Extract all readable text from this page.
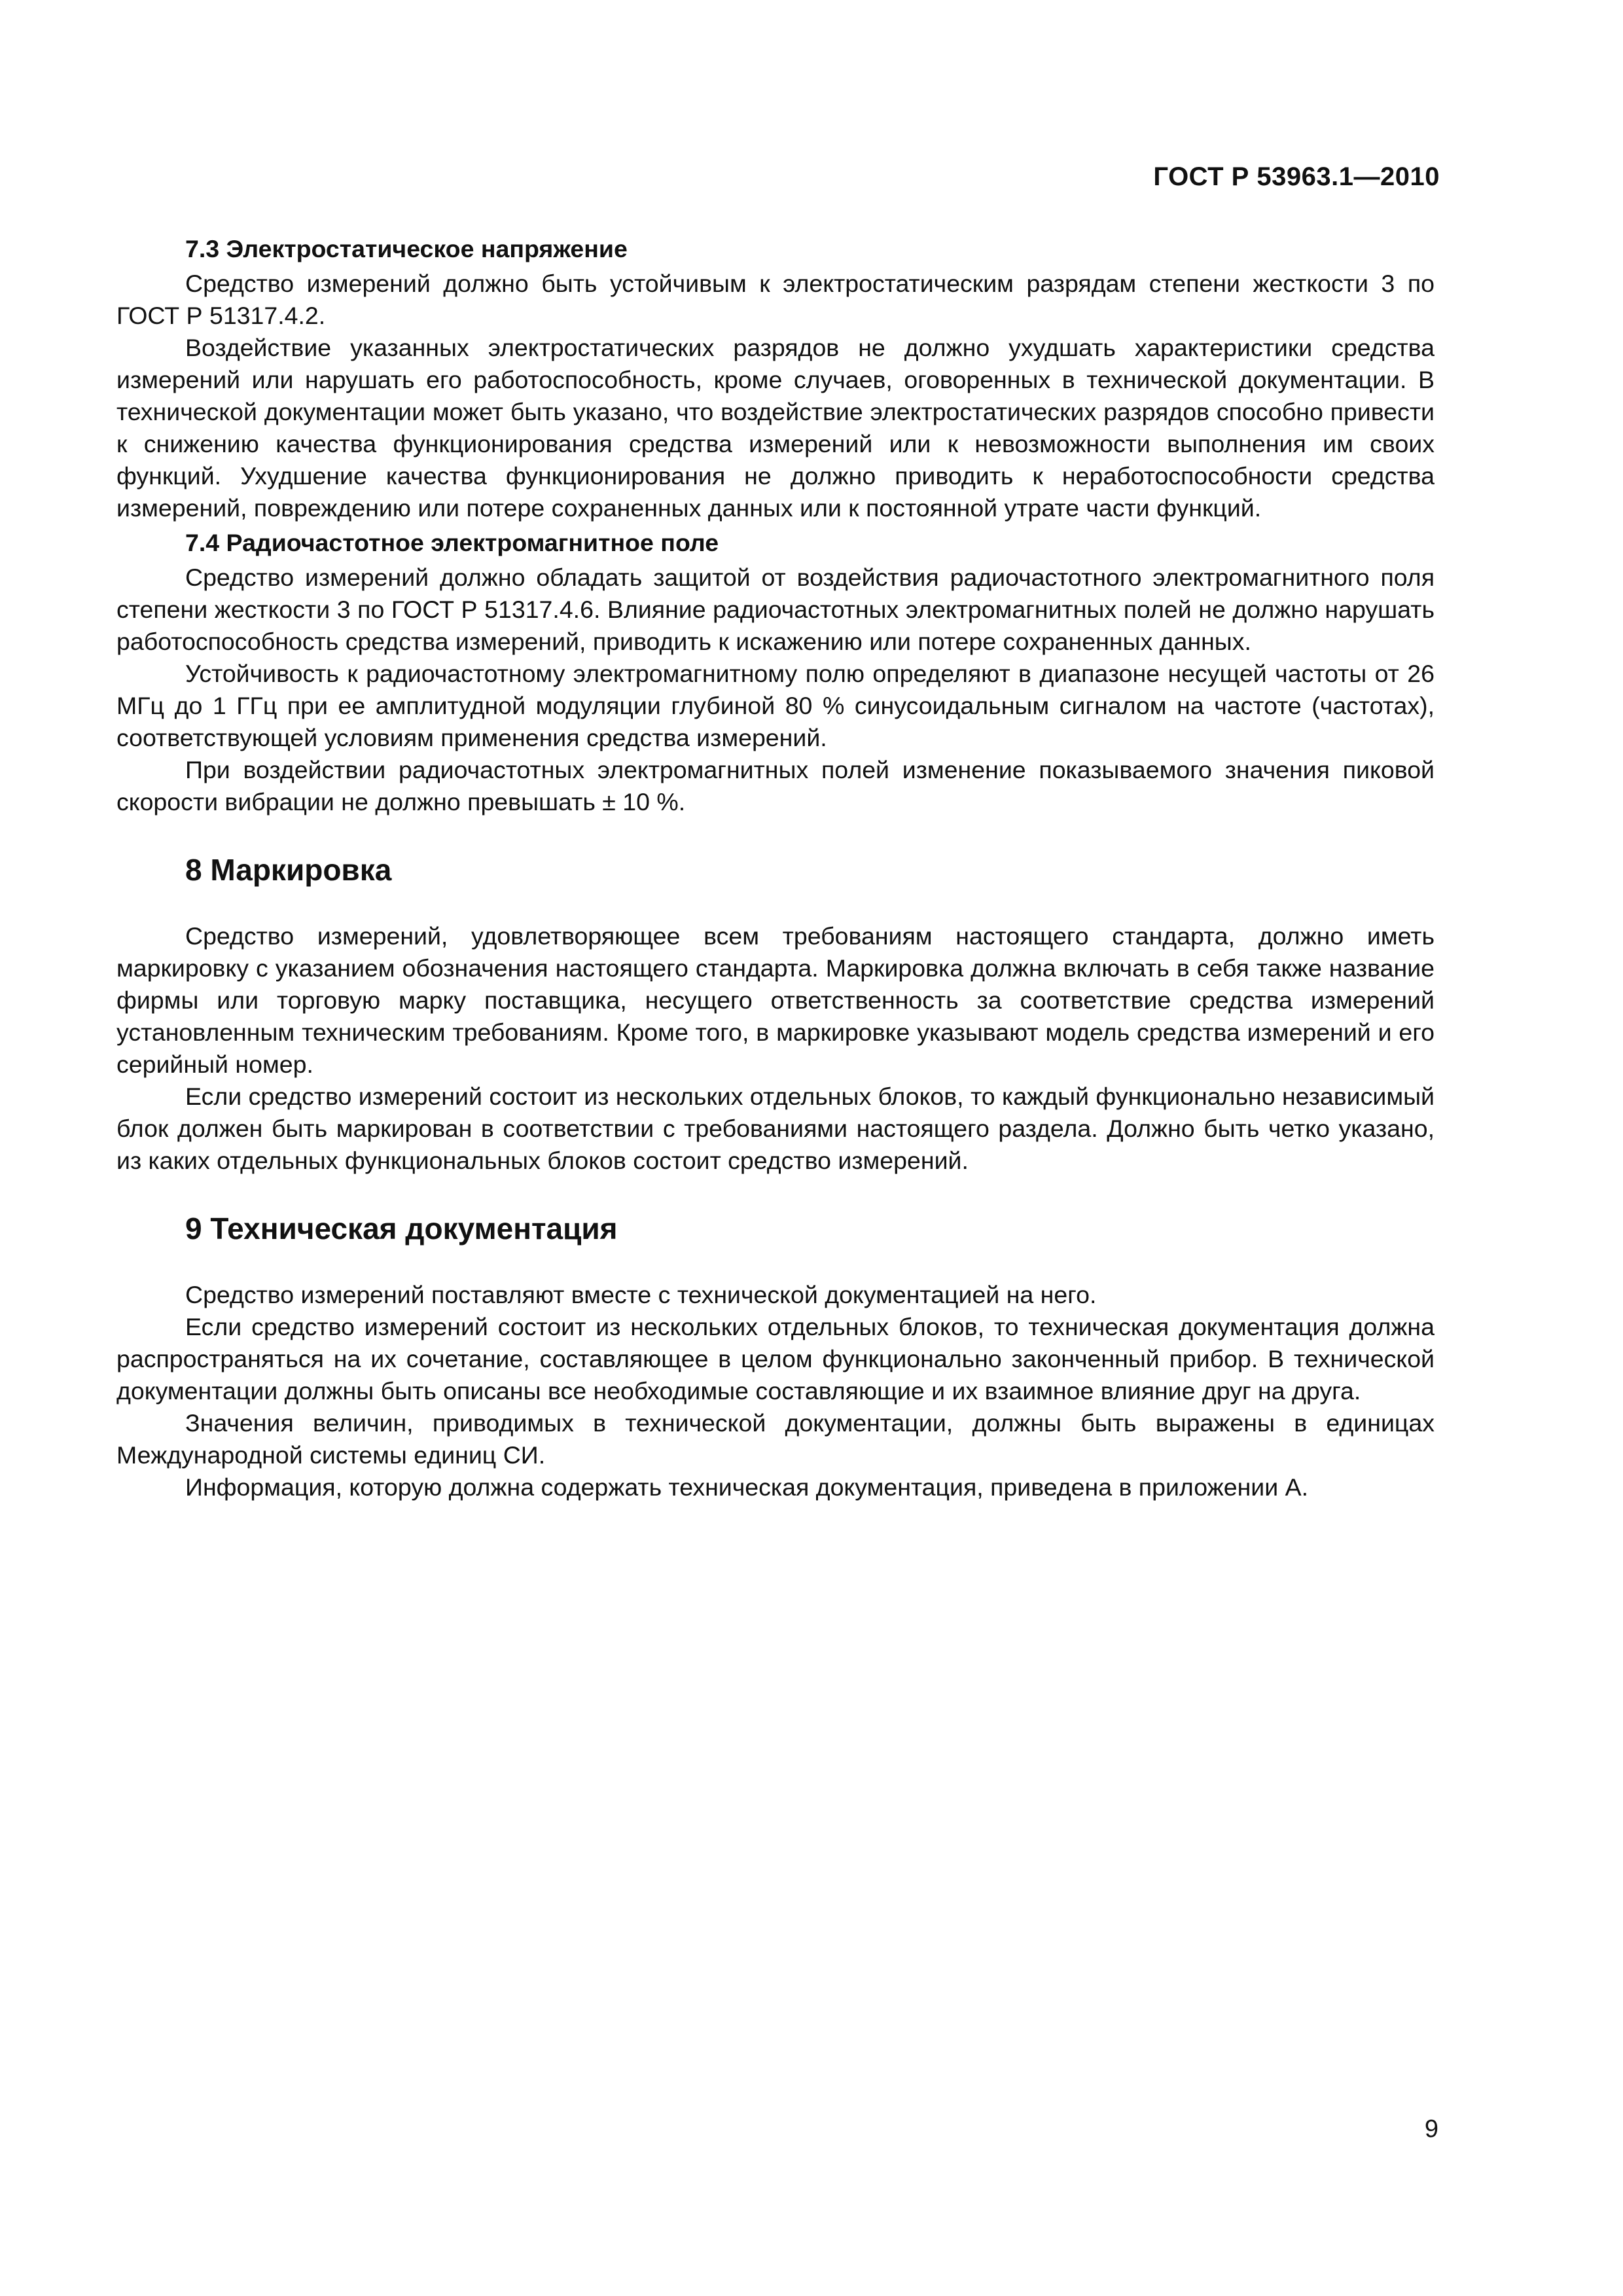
ГОСТ Р 53963.1—2010

7.3 Электростатическое напряжение

Средство измерений должно быть устойчивым к электростатическим разрядам степени жесткости 3 по ГОСТ Р 51317.4.2.

Воздействие указанных электростатических разрядов не должно ухудшать характеристики средства измерений или нарушать его работоспособность, кроме случаев, оговоренных в технической документации. В технической документации может быть указано, что воздействие электростатических разрядов способно привести к снижению качества функционирования средства измерений или к невозможности выполнения им своих функций. Ухудшение качества функционирования не должно приводить к неработоспособности средства измерений, повреждению или потере сохраненных данных или к постоянной утрате части функций.

7.4 Радиочастотное электромагнитное поле

Средство измерений должно обладать защитой от воздействия радиочастотного электромагнитного поля степени жесткости 3 по ГОСТ Р 51317.4.6. Влияние радиочастотных электромагнитных полей не должно нарушать работоспособность средства измерений, приводить к искажению или потере сохраненных данных.

Устойчивость к радиочастотному электромагнитному полю определяют в диапазоне несущей частоты от 26 МГц до 1 ГГц при ее амплитудной модуляции глубиной 80 % синусоидальным сигналом на частоте (частотах), соответствующей условиям применения средства измерений.

При воздействии радиочастотных электромагнитных полей изменение показываемого значения пиковой скорости вибрации не должно превышать ± 10 %.

8 Маркировка

Средство измерений, удовлетворяющее всем требованиям настоящего стандарта, должно иметь маркировку с указанием обозначения настоящего стандарта. Маркировка должна включать в себя также название фирмы или торговую марку поставщика, несущего ответственность за соответствие средства измерений установленным техническим требованиям. Кроме того, в маркировке указывают модель средства измерений и его серийный номер.

Если средство измерений состоит из нескольких отдельных блоков, то каждый функционально независимый блок должен быть маркирован в соответствии с требованиями настоящего раздела. Должно быть четко указано, из каких отдельных функциональных блоков состоит средство измерений.

9 Техническая документация

Средство измерений поставляют вместе с технической документацией на него.

Если средство измерений состоит из нескольких отдельных блоков, то техническая документация должна распространяться на их сочетание, составляющее в целом функционально законченный прибор. В технической документации должны быть описаны все необходимые составляющие и их взаимное влияние друг на друга.

Значения величин, приводимых в технической документации, должны быть выражены в единицах Международной системы единиц СИ.

Информация, которую должна содержать техническая документация, приведена в приложении А.

9
